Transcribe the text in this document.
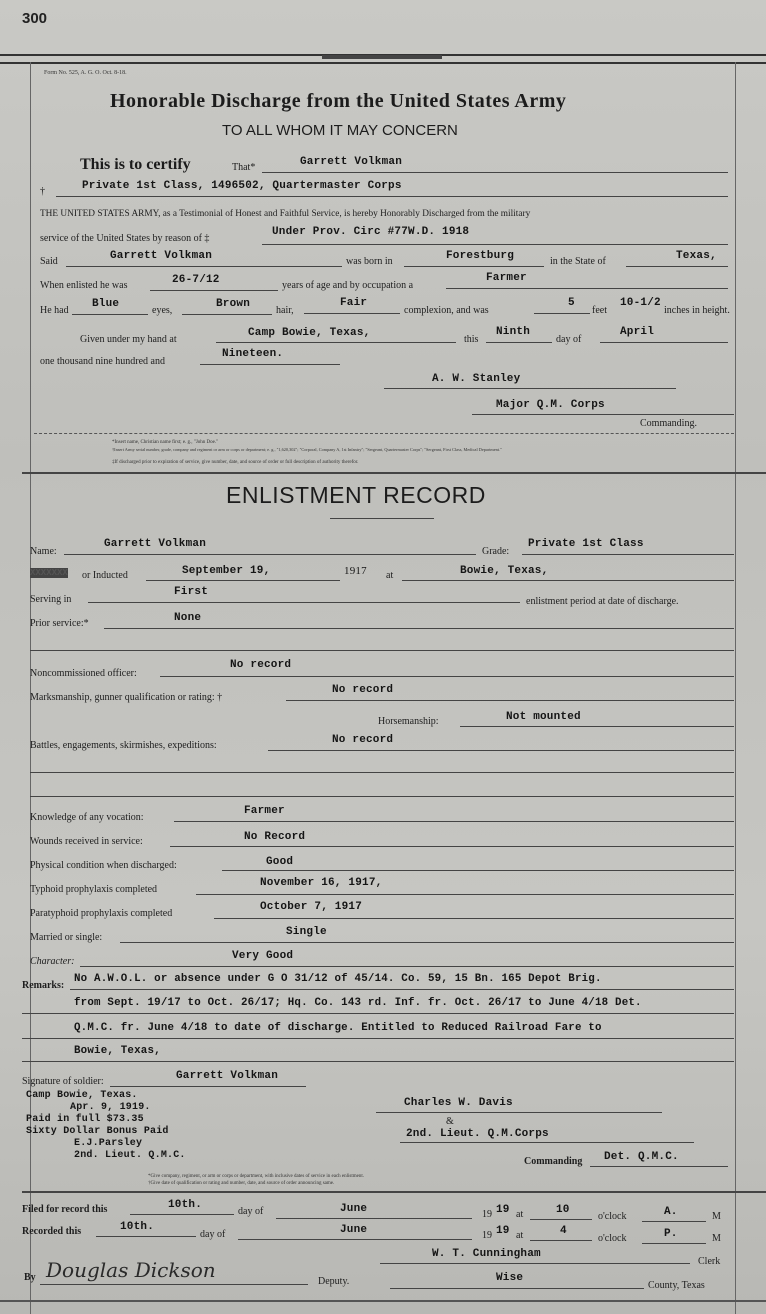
300
Form No. 525, A. G. O. Oct. 8-18.
Honorable Discharge from the United States Army
TO ALL WHOM IT MAY CONCERN
This is to certify	That*	Garrett Volkman
†	Private 1st Class, 1496502, Quartermaster Corps
THE UNITED STATES ARMY, as a Testimonial of Honest and Faithful Service, is hereby Honorably Discharged from the military
service of the United States by reason of ‡
Under Prov. Circ #77W.D. 1918
Said	Garrett Volkman	was born in	Forestburg	in the State of	Texas,
When enlisted he was	26-7/12	years of age and by occupation a
Farmer
He had
Blue
eyes,
Brown
hair,
Fair
complexion, and was
5
feet
10-1/2
inches in height.
Given under my hand at
Camp Bowie, Texas,
this
Ninth
day of
April
one thousand nine hundred and
Nineteen.
A. W. Stanley
Major Q.M. Corps
Commanding.
*Insert name, Christian name first; e. g., "John Doe."
†Insert Army serial number, grade, company and regiment or arm or corps or department; e. g., "1,620,302"; "Corporal, Company A, 1st Infantry"; "Sergeant, Quartermaster Corps"; "Sergeant, First Class, Medical Department."
‡If discharged prior to expiration of service, give number, date, and source of order or full description of authority therefor.
ENLISTMENT RECORD
Name:
Garrett Volkman
Grade:
Private 1st Class
XXXXXXX or Inducted	September 19,	1917 at	Bowie, Texas,
Serving in
First
enlistment period at date of discharge.
Prior service:*	None
Noncommissioned officer:
No record
Marksmanship, gunner qualification or rating: †
No record
Horsemanship:	Not mounted
Battles, engagements, skirmishes, expeditions:	No record
Knowledge of any vocation:
Farmer
Wounds received in service:	No Record
Physical condition when discharged:	Good
Typhoid prophylaxis completed
November 16, 1917,
Paratyphoid prophylaxis completed
October 7, 1917
Married or single:	Single
Character:	Very Good
Remarks:
No A.W.O.L. or absence under G O 31/12 of 45/14. Co. 59, 15 Bn. 165 Depot Brig.
from Sept. 19/17 to Oct. 26/17; Hq. Co. 143 rd. Inf. fr. Oct. 26/17 to June 4/18 Det.
Q.M.C. fr. June 4/18 to date of discharge. Entitled to Reduced Railroad Fare to
Bowie, Texas,
Signature of soldier:	Garrett Volkman
Camp Bowie, Texas.
Apr. 9, 1919.
Paid in full $73.35
Sixty Dollar Bonus Paid
E.J.Parsley
2nd. Lieut. Q.M.C.
Charles W. Davis
&
2nd. Lieut. Q.M.Corps
Commanding Det. Q.M.C.
*Give company, regiment, or arm or corps or department, with inclusive dates of service in each enlistment.
†Give date of qualification or rating and number, date, and source of order announcing same.
Filed for record this	10th.
day of	June	19 19 at	10
o'clock	A.	M
Recorded this	10th.
day of	June	19 19 at	4
o'clock	P.	M
W. T. Cunningham
Clerk
By Douglas Dickson	Deputy.	Wise
County, Texas
